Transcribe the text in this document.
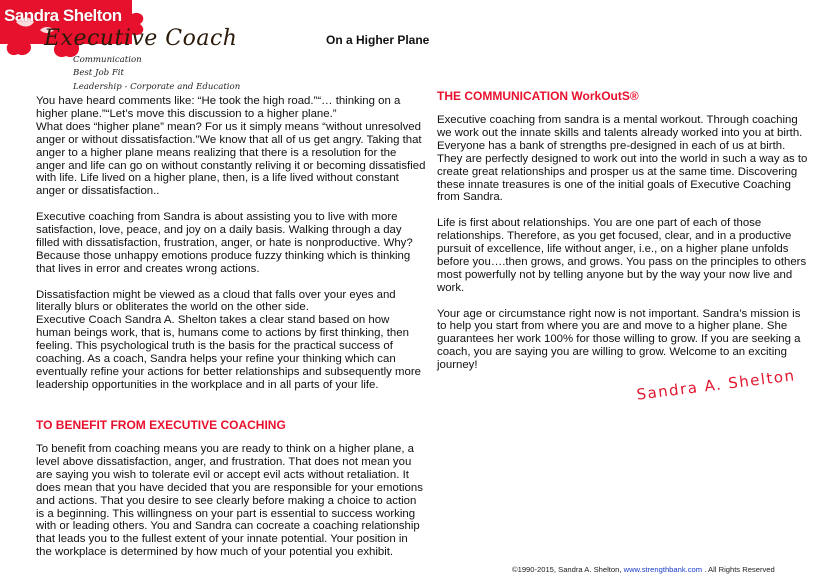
Sandra Shelton
Executive Coach
Communication
Best Job Fit
Leadership - Corporate and Education
On a Higher Plane

You have heard comments like: “He took the high road.”“… thinking on a higher plane.”“Let’s move this discussion to a higher plane.”

What does “higher plane” mean? For us it simply means “without unresolved anger or without dissatisfaction.”We know that all of us get angry. Taking that anger to a higher plane means realizing that there is a resolution for the anger and life can go on without constantly reliving it or becoming dissatisfied with life. Life lived on a higher plane, then, is a life lived without constant anger or dissatisfaction..

Executive coaching from Sandra is about assisting you to live with more satisfaction, love, peace, and joy on a daily basis. Walking through a day filled with dissatisfaction, frustration, anger, or hate is nonproductive. Why? Because those unhappy emotions produce fuzzy thinking which is thinking that lives in error and creates wrong actions.

Dissatisfaction might be viewed as a cloud that falls over your eyes and literally blurs or obliterates the world on the other side.

Executive Coach Sandra A. Shelton takes a clear stand based on how human beings work, that is, humans come to actions by first thinking, then feeling. This psychological truth is the basis for the practical success of coaching. As a coach, Sandra helps your refine your thinking which can eventually refine your actions for better relationships and subsequently more leadership opportunities in the workplace and in all parts of your life.

TO BENEFIT FROM EXECUTIVE COACHING

To benefit from coaching means you are ready to think on a higher plane, a level above dissatisfaction, anger, and frustration. That does not mean you are saying you wish to tolerate evil or accept evil acts without retaliation. It does mean that you have decided that you are responsible for your emotions and actions. That you desire to see clearly before making a choice to action is a beginning. This willingness on your part is essential to success working with or leading others. You and Sandra can cocreate a coaching relationship that leads you to the fullest extent of your innate potential. Your position in the workplace is determined by how much of your potential you exhibit.

THE COMMUNICATION WorkOutS®

Executive coaching from sandra is a mental workout. Through coaching we work out the innate skills and talents already worked into you at birth. Everyone has a bank of strengths pre-designed in each of us at birth. They are perfectly designed to work out into the world in such a way as to create great relationships and prosper us at the same time. Discovering these innate treasures is one of the initial goals of Executive Coaching from Sandra.

Life is first about relationships. You are one part of each of those relationships. Therefore, as you get focused, clear, and in a productive pursuit of excellence, life without anger, i.e., on a higher plane unfolds before you….then grows, and grows. You pass on the principles to others most powerfully not by telling anyone but by the way your now live and work.

Your age or circumstance right now is not important. Sandra’s mission is to help you start from where you are and move to a higher plane. She guarantees her work 100% for those willing to grow. If you are seeking a coach, you are saying you are willing to grow. Welcome to an exciting journey!

Sandra A. Shelton
©1990-2015, Sandra A. Shelton, www.strengthbank.com . All Rights Reserved
